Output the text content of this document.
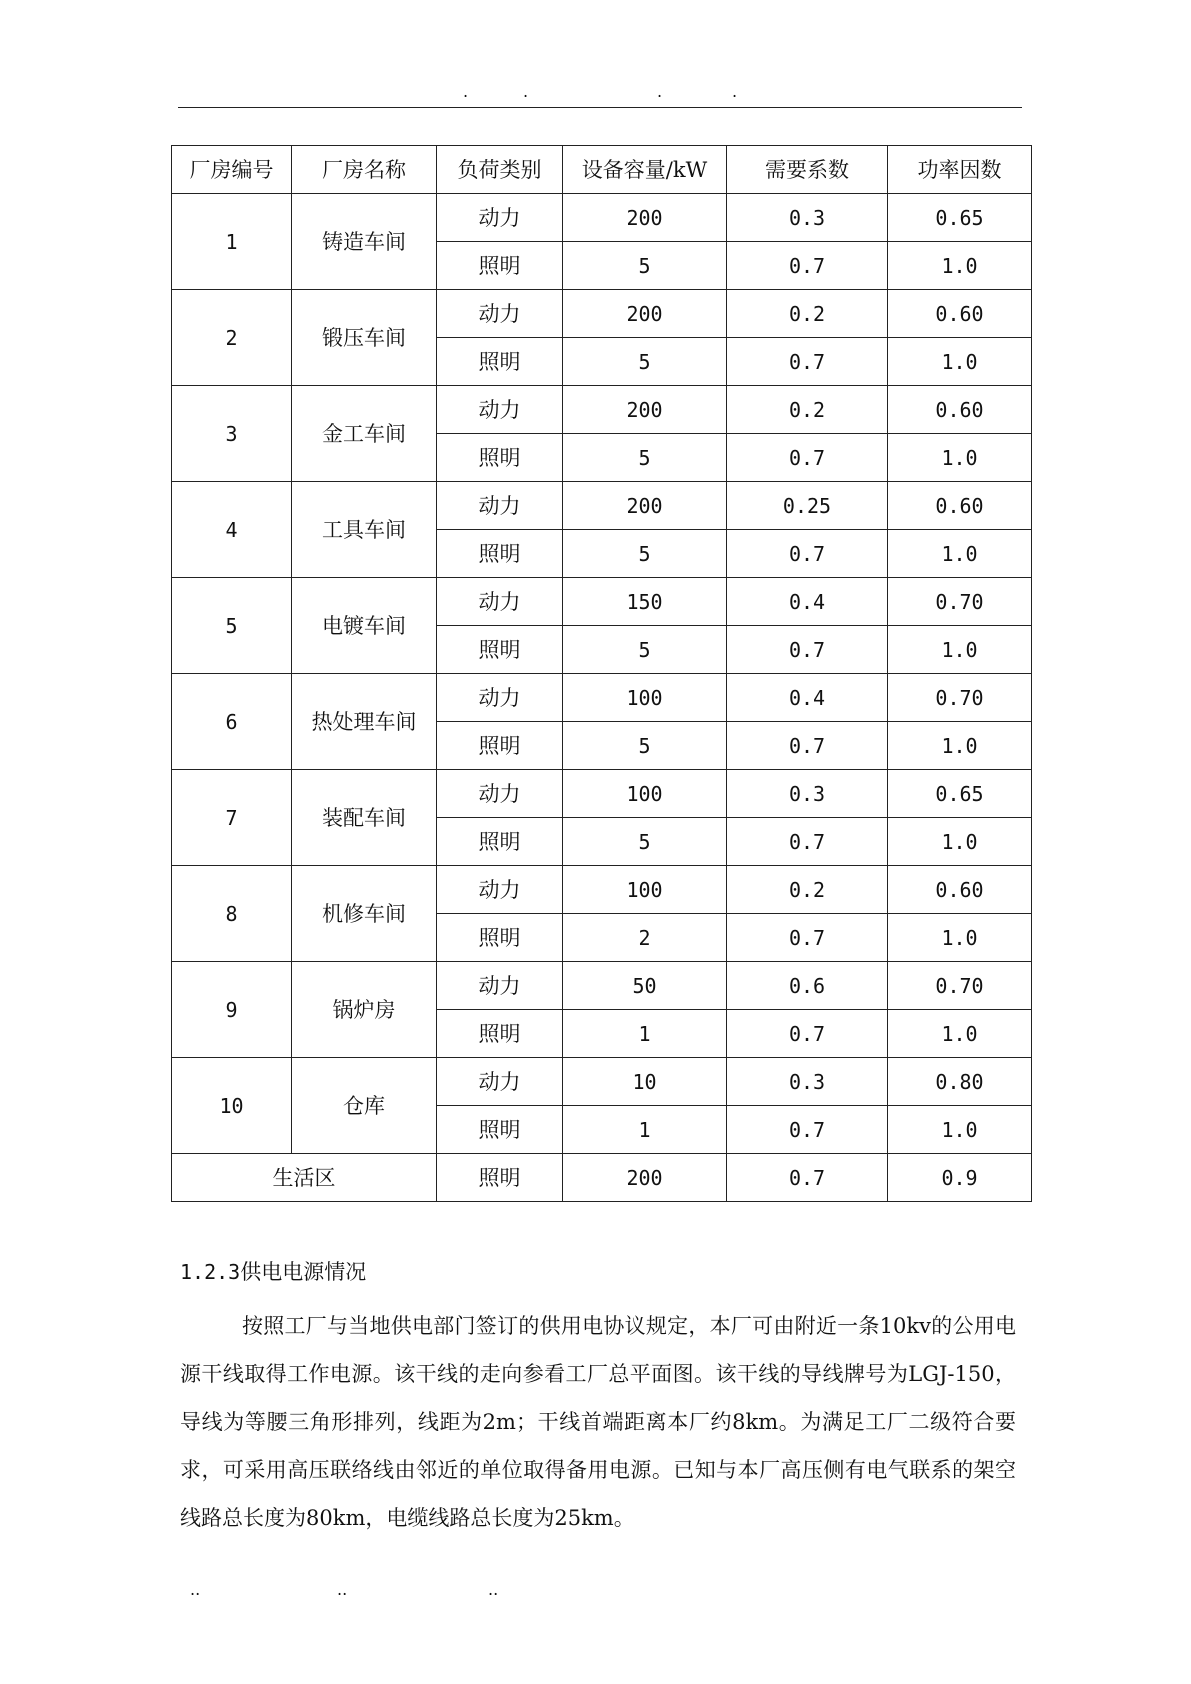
.	.	.	.
厂房编号	厂房名称	负荷类别	设备容量/kW	需要系数	功率因数
1	铸造车间	动力	200	0.3	0.65
		照明	5	0.7	1.0
2	锻压车间	动力	200	0.2	0.60
		照明	5	0.7	1.0
3	金工车间	动力	200	0.2	0.60
		照明	5	0.7	1.0
4	工具车间	动力	200	0.25	0.60
		照明	5	0.7	1.0
5	电镀车间	动力	150	0.4	0.70
		照明	5	0.7	1.0
6	热处理车间	动力	100	0.4	0.70
		照明	5	0.7	1.0
7	装配车间	动力	100	0.3	0.65
		照明	5	0.7	1.0
8	机修车间	动力	100	0.2	0.60
		照明	2	0.7	1.0
9	锅炉房	动力	50	0.6	0.70
		照明	1	0.7	1.0
10	仓库	动力	10	0.3	0.80
		照明	1	0.7	1.0
生活区		照明	200	0.7	0.9
1.2.3供电电源情况

按照工厂与当地供电部门签订的供用电协议规定，本厂可由附近一条10kv的公用电源干线取得工作电源。该干线的走向参看工厂总平面图。该干线的导线牌号为LGJ-150，导线为等腰三角形排列，线距为2m；干线首端距离本厂约8km。为满足工厂二级符合要求，可采用高压联络线由邻近的单位取得备用电源。已知与本厂高压侧有电气联系的架空线路总长度为80km，电缆线路总长度为25km。

..	..	..
